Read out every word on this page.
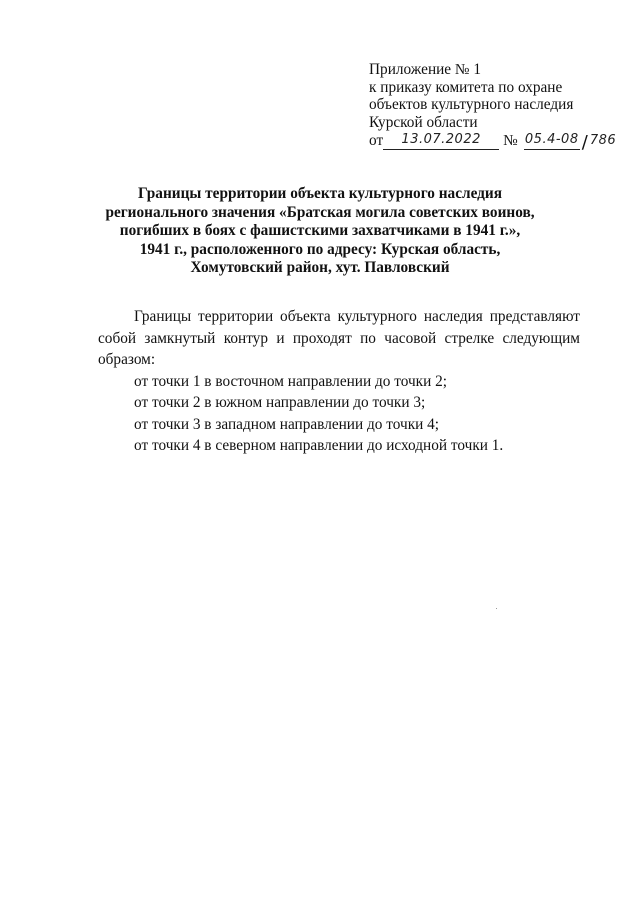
Приложение № 1
к приказу комитета по охране
объектов культурного наследия
Курской области
от	13.07.2022	№ 05.4-08 / 786
Границы территории объекта культурного наследия
регионального значения «Братская могила советских воинов,
погибших в боях с фашистскими захватчиками в 1941 г.»,
1941 г., расположенного по адресу: Курская область,
Хомутовский район, хут. Павловский
Границы территории объекта культурного наследия представляют собой замкнутый контур и проходят по часовой стрелке следующим образом:
от точки 1 в восточном направлении до точки 2;
от точки 2 в южном направлении до точки 3;
от точки 3 в западном направлении до точки 4;
от точки 4 в северном направлении до исходной точки 1.
